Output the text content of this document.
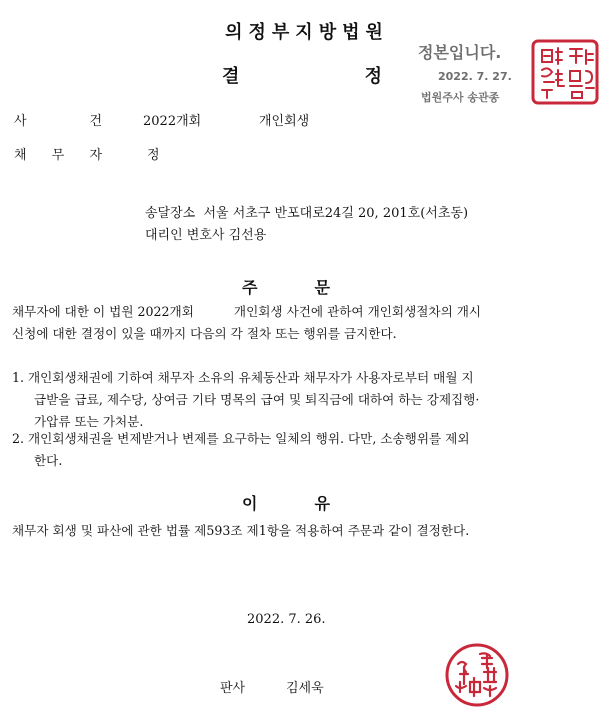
의정부지방법원
결	정
정본입니다.
2022. 7. 27.
법원주사 송관종
사	건	2022개회	개인회생
채 무 자	정
송달장소  서울 서초구 반포대로24길 20, 201호(서초동)
대리인 변호사 김선용
주	문
채무자에 대한 이 법원 2022개회          개인회생 사건에 관하여 개인회생절차의 개시
신청에 대한 결정이 있을 때까지 다음의 각 절차 또는 행위를 금지한다.
1. 개인회생채권에 기하여 채무자 소유의 유체동산과 채무자가 사용자로부터 매월 지
급받을 급료, 제수당, 상여금 기타 명목의 급여 및 퇴직금에 대하여 하는 강제집행·
가압류 또는 가처분.
2. 개인회생채권을 변제받거나 변제를 요구하는 일체의 행위. 다만, 소송행위를 제외
한다.
이	유
채무자 회생 및 파산에 관한 법률 제593조 제1항을 적용하여 주문과 같이 결정한다.
2022. 7. 26.
판사	김세욱
